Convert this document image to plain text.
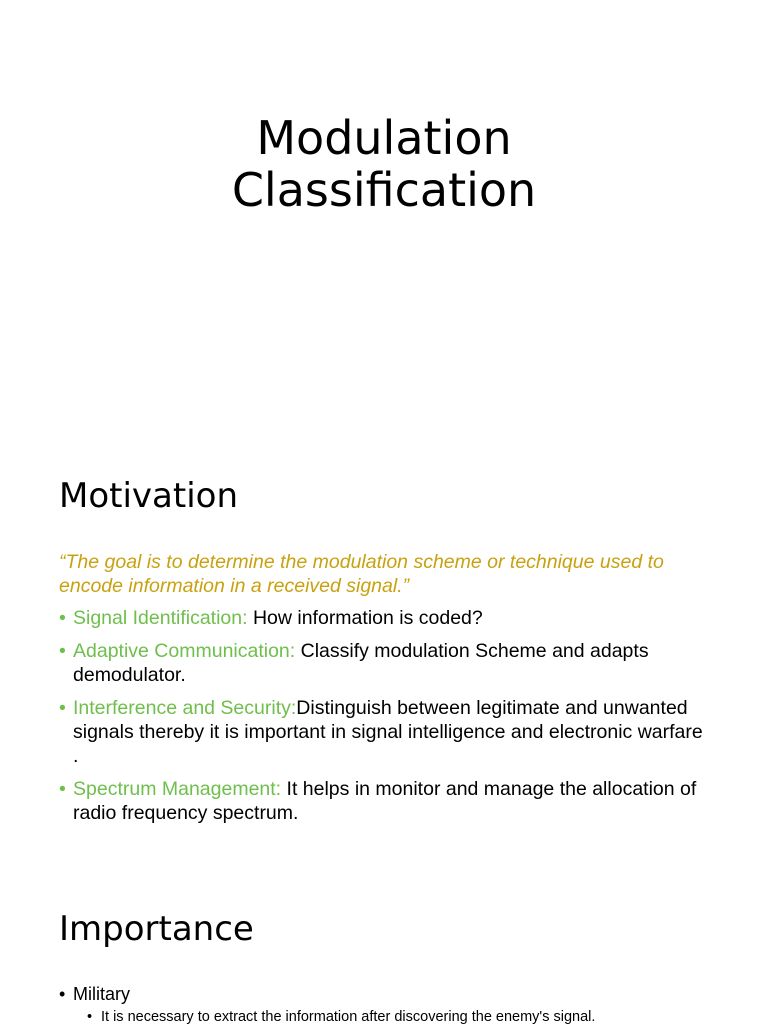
Modulation
Classification
Motivation

“The goal is to determine the modulation scheme or technique used to encode information in a received signal.”

• Signal Identification: How information is coded?
• Adaptive Communication: Classify modulation Scheme and adapts demodulator.
• Interference and Security:Distinguish between legitimate and unwanted signals thereby it is important in signal intelligence and electronic warfare .
• Spectrum Management: It helps in monitor and manage the allocation of radio frequency spectrum.
Importance
• Military
• It is necessary to extract the information after discovering the enemy's signal.
